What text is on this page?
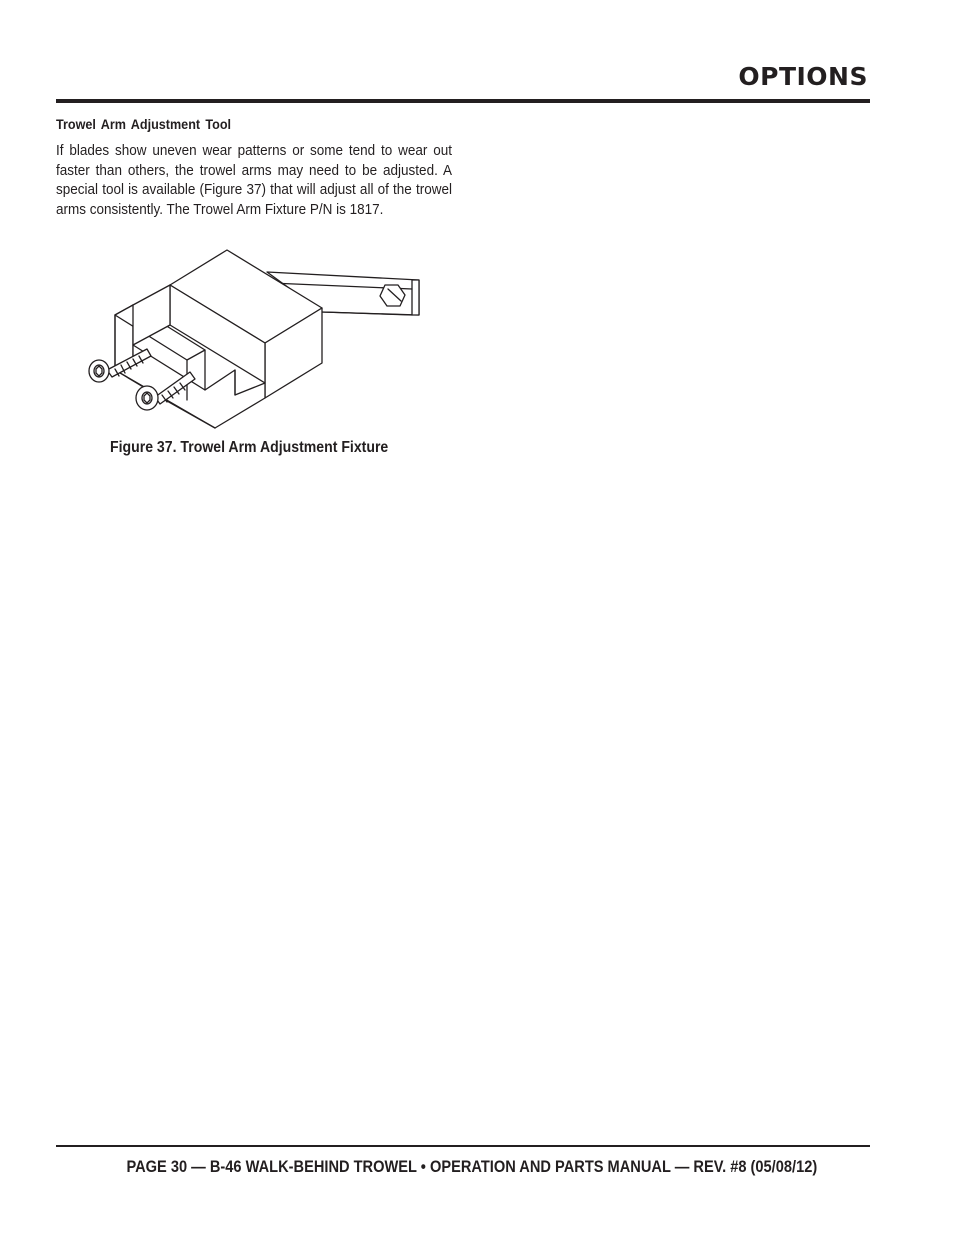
OPTIONS
Trowel Arm Adjustment Tool
If blades show uneven wear patterns or some tend to wear out faster than others, the trowel arms may need to be adjusted. A special tool is available (Figure 37) that will adjust all of the trowel arms consistently. The Trowel Arm Fixture P/N is 1817.
Figure 37. Trowel Arm Adjustment Fixture
PAGE 30 — B-46 WALK-BEHIND TROWEL • OPERATION AND PARTS MANUAL — REV. #8 (05/08/12)
